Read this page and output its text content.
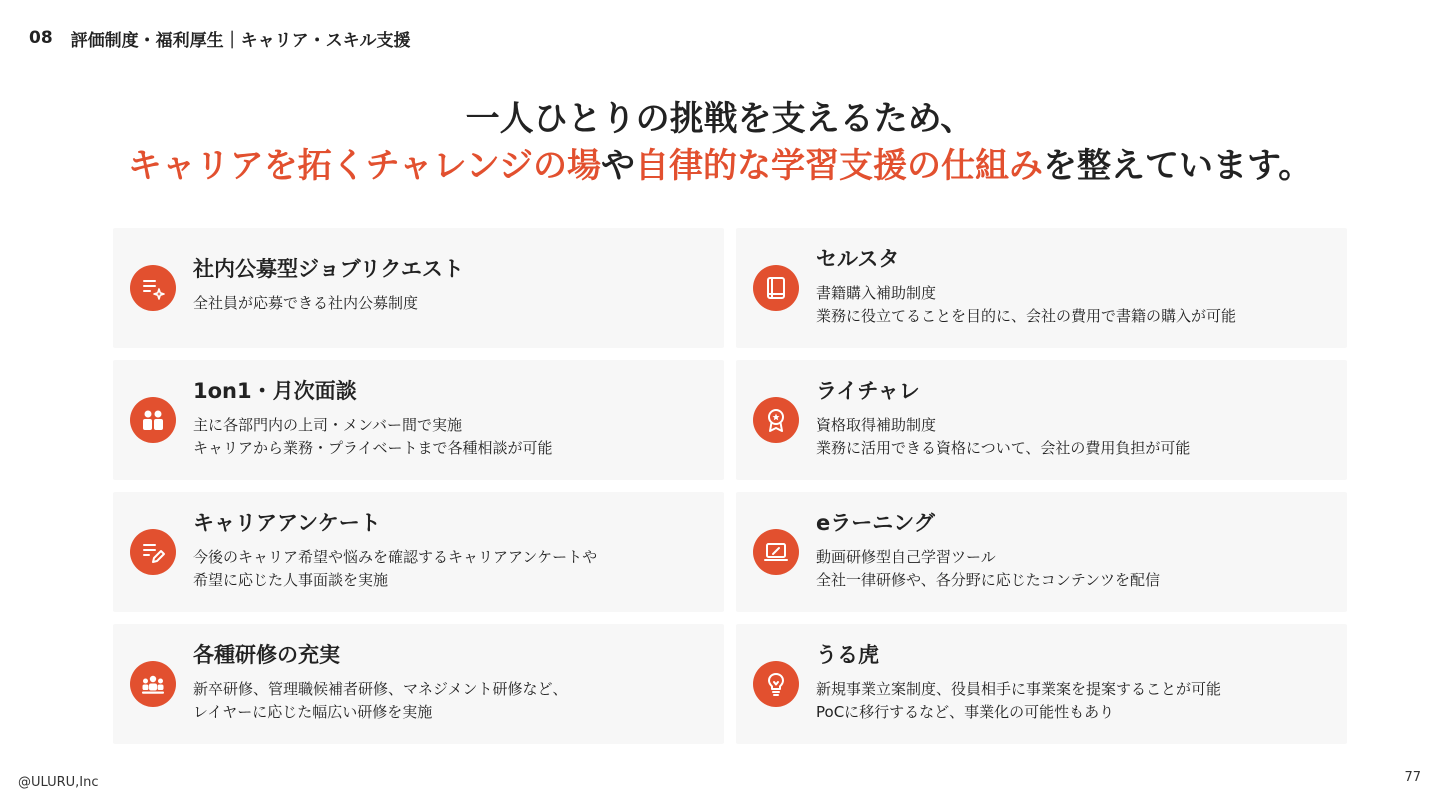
08 評価制度・福利厚生｜キャリア・スキル支援
一人ひとりの挑戦を支えるため、
キャリアを拓くチャレンジの場や自律的な学習支援の仕組みを整えています。
社内公募型ジョブリクエスト
全社員が応募できる社内公募制度
セルスタ
書籍購入補助制度
業務に役立てることを目的に、会社の費用で書籍の購入が可能
1on1・月次面談
主に各部門内の上司・メンバー間で実施
キャリアから業務・プライベートまで各種相談が可能
ライチャレ
資格取得補助制度
業務に活用できる資格について、会社の費用負担が可能
キャリアアンケート
今後のキャリア希望や悩みを確認するキャリアアンケートや
希望に応じた人事面談を実施
eラーニング
動画研修型自己学習ツール
全社一律研修や、各分野に応じたコンテンツを配信
各種研修の充実
新卒研修、管理職候補者研修、マネジメント研修など、
レイヤーに応じた幅広い研修を実施
うる虎
新規事業立案制度、役員相手に事業案を提案することが可能
PoCに移行するなど、事業化の可能性もあり
@ULURU,Inc	77
